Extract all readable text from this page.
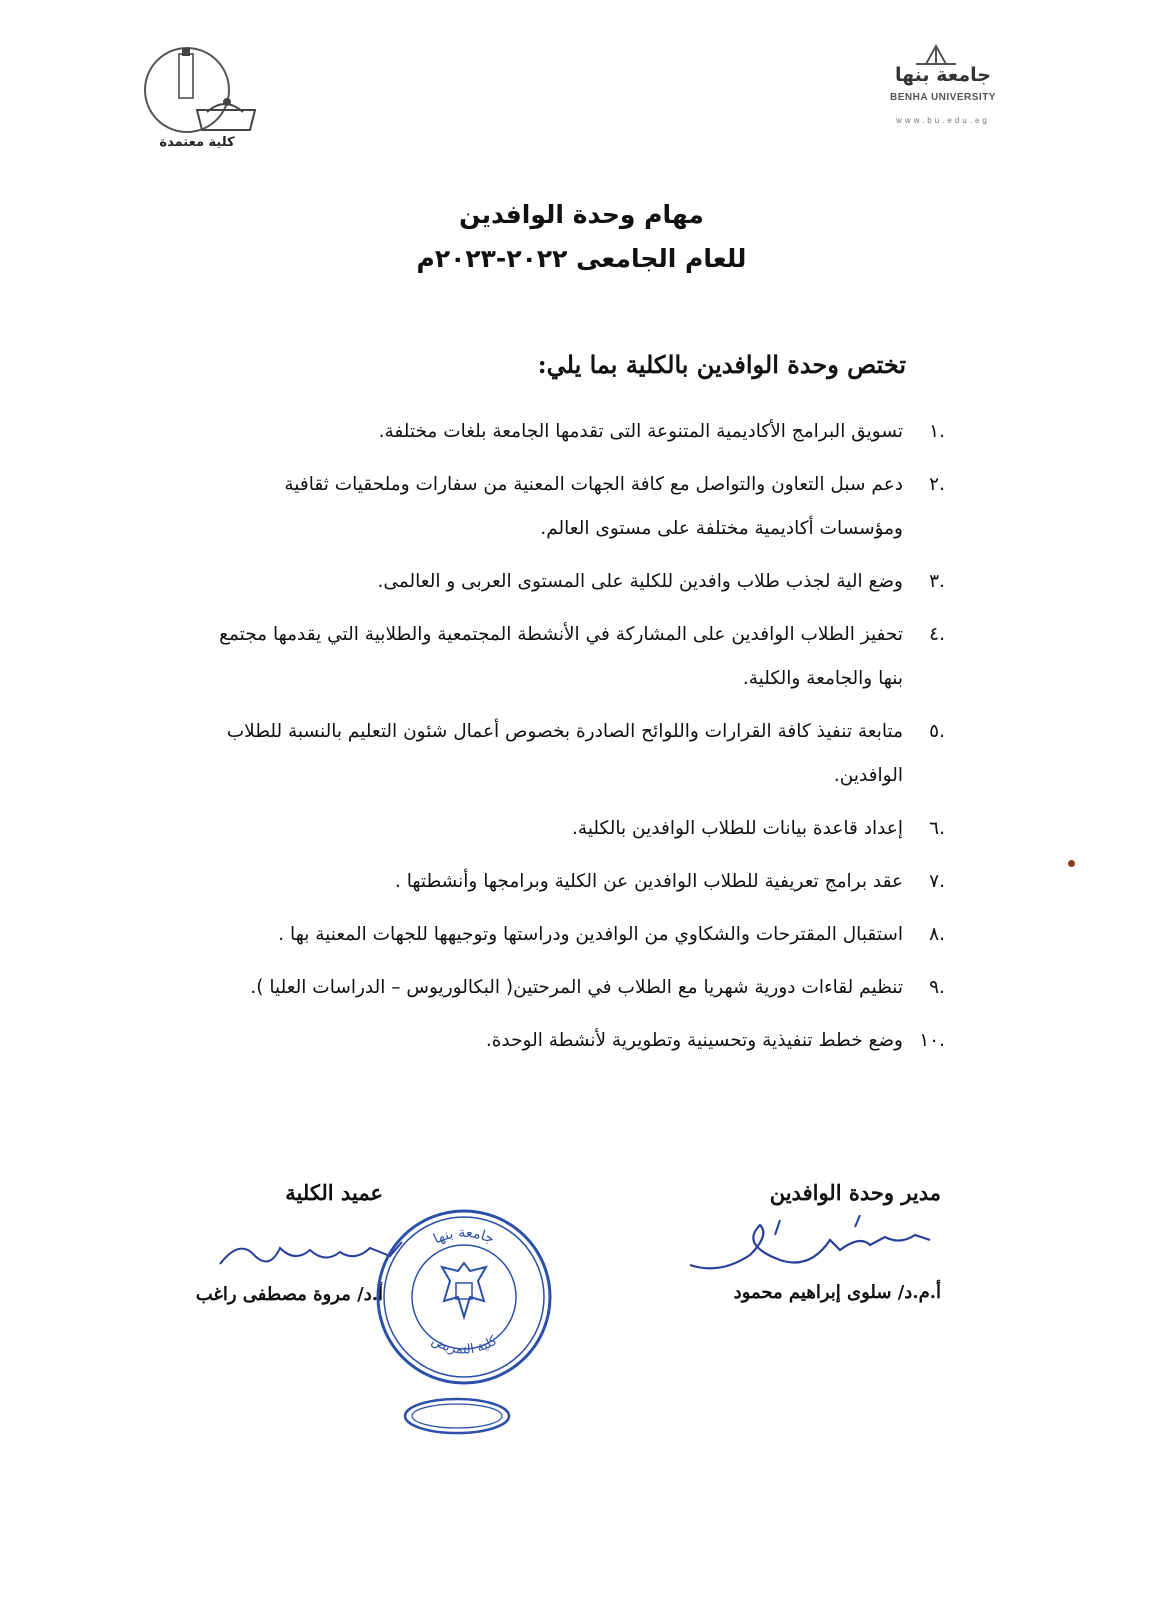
كلية معتمدة
جامعة بنها
BENHA UNIVERSITY
www.bu.edu.eg
مهام وحدة الوافدين
للعام الجامعى ٢٠٢٢-٢٠٢٣م
تختص وحدة الوافدين بالكلية بما يلي:
.١
تسويق البرامج الأكاديمية المتنوعة التى تقدمها الجامعة بلغات مختلفة.
.٢
دعم سبل التعاون والتواصل مع كافة الجهات المعنية من سفارات وملحقيات ثقافية ومؤسسات أكاديمية مختلفة على مستوى العالم.
.٣
وضع الية لجذب طلاب وافدين للكلية على المستوى العربى و العالمى.
.٤
تحفيز الطلاب الوافدين على المشاركة في الأنشطة المجتمعية والطلابية التي يقدمها مجتمع بنها والجامعة والكلية.
.٥
متابعة تنفيذ كافة القرارات واللوائح الصادرة بخصوص أعمال شئون التعليم بالنسبة للطلاب الوافدين.
.٦
إعداد قاعدة بيانات للطلاب الوافدين بالكلية.
.٧
عقد برامج تعريفية للطلاب الوافدين عن الكلية وبرامجها وأنشطتها .
.٨
استقبال المقترحات والشكاوي من الوافدين ودراستها وتوجيهها للجهات المعنية بها .
.٩
تنظيم لقاءات دورية شهريا مع الطلاب في المرحتين( البكالوريوس – الدراسات العليا ).
.١٠
وضع خطط تنفيذية وتحسينية وتطويرية لأنشطة الوحدة.
مدير وحدة الوافدين
أ.م.د/ سلوى إبراهيم محمود
عميد الكلية
أ.د/ مروة مصطفى راغب
جامعة بنها
كلية التمريض
